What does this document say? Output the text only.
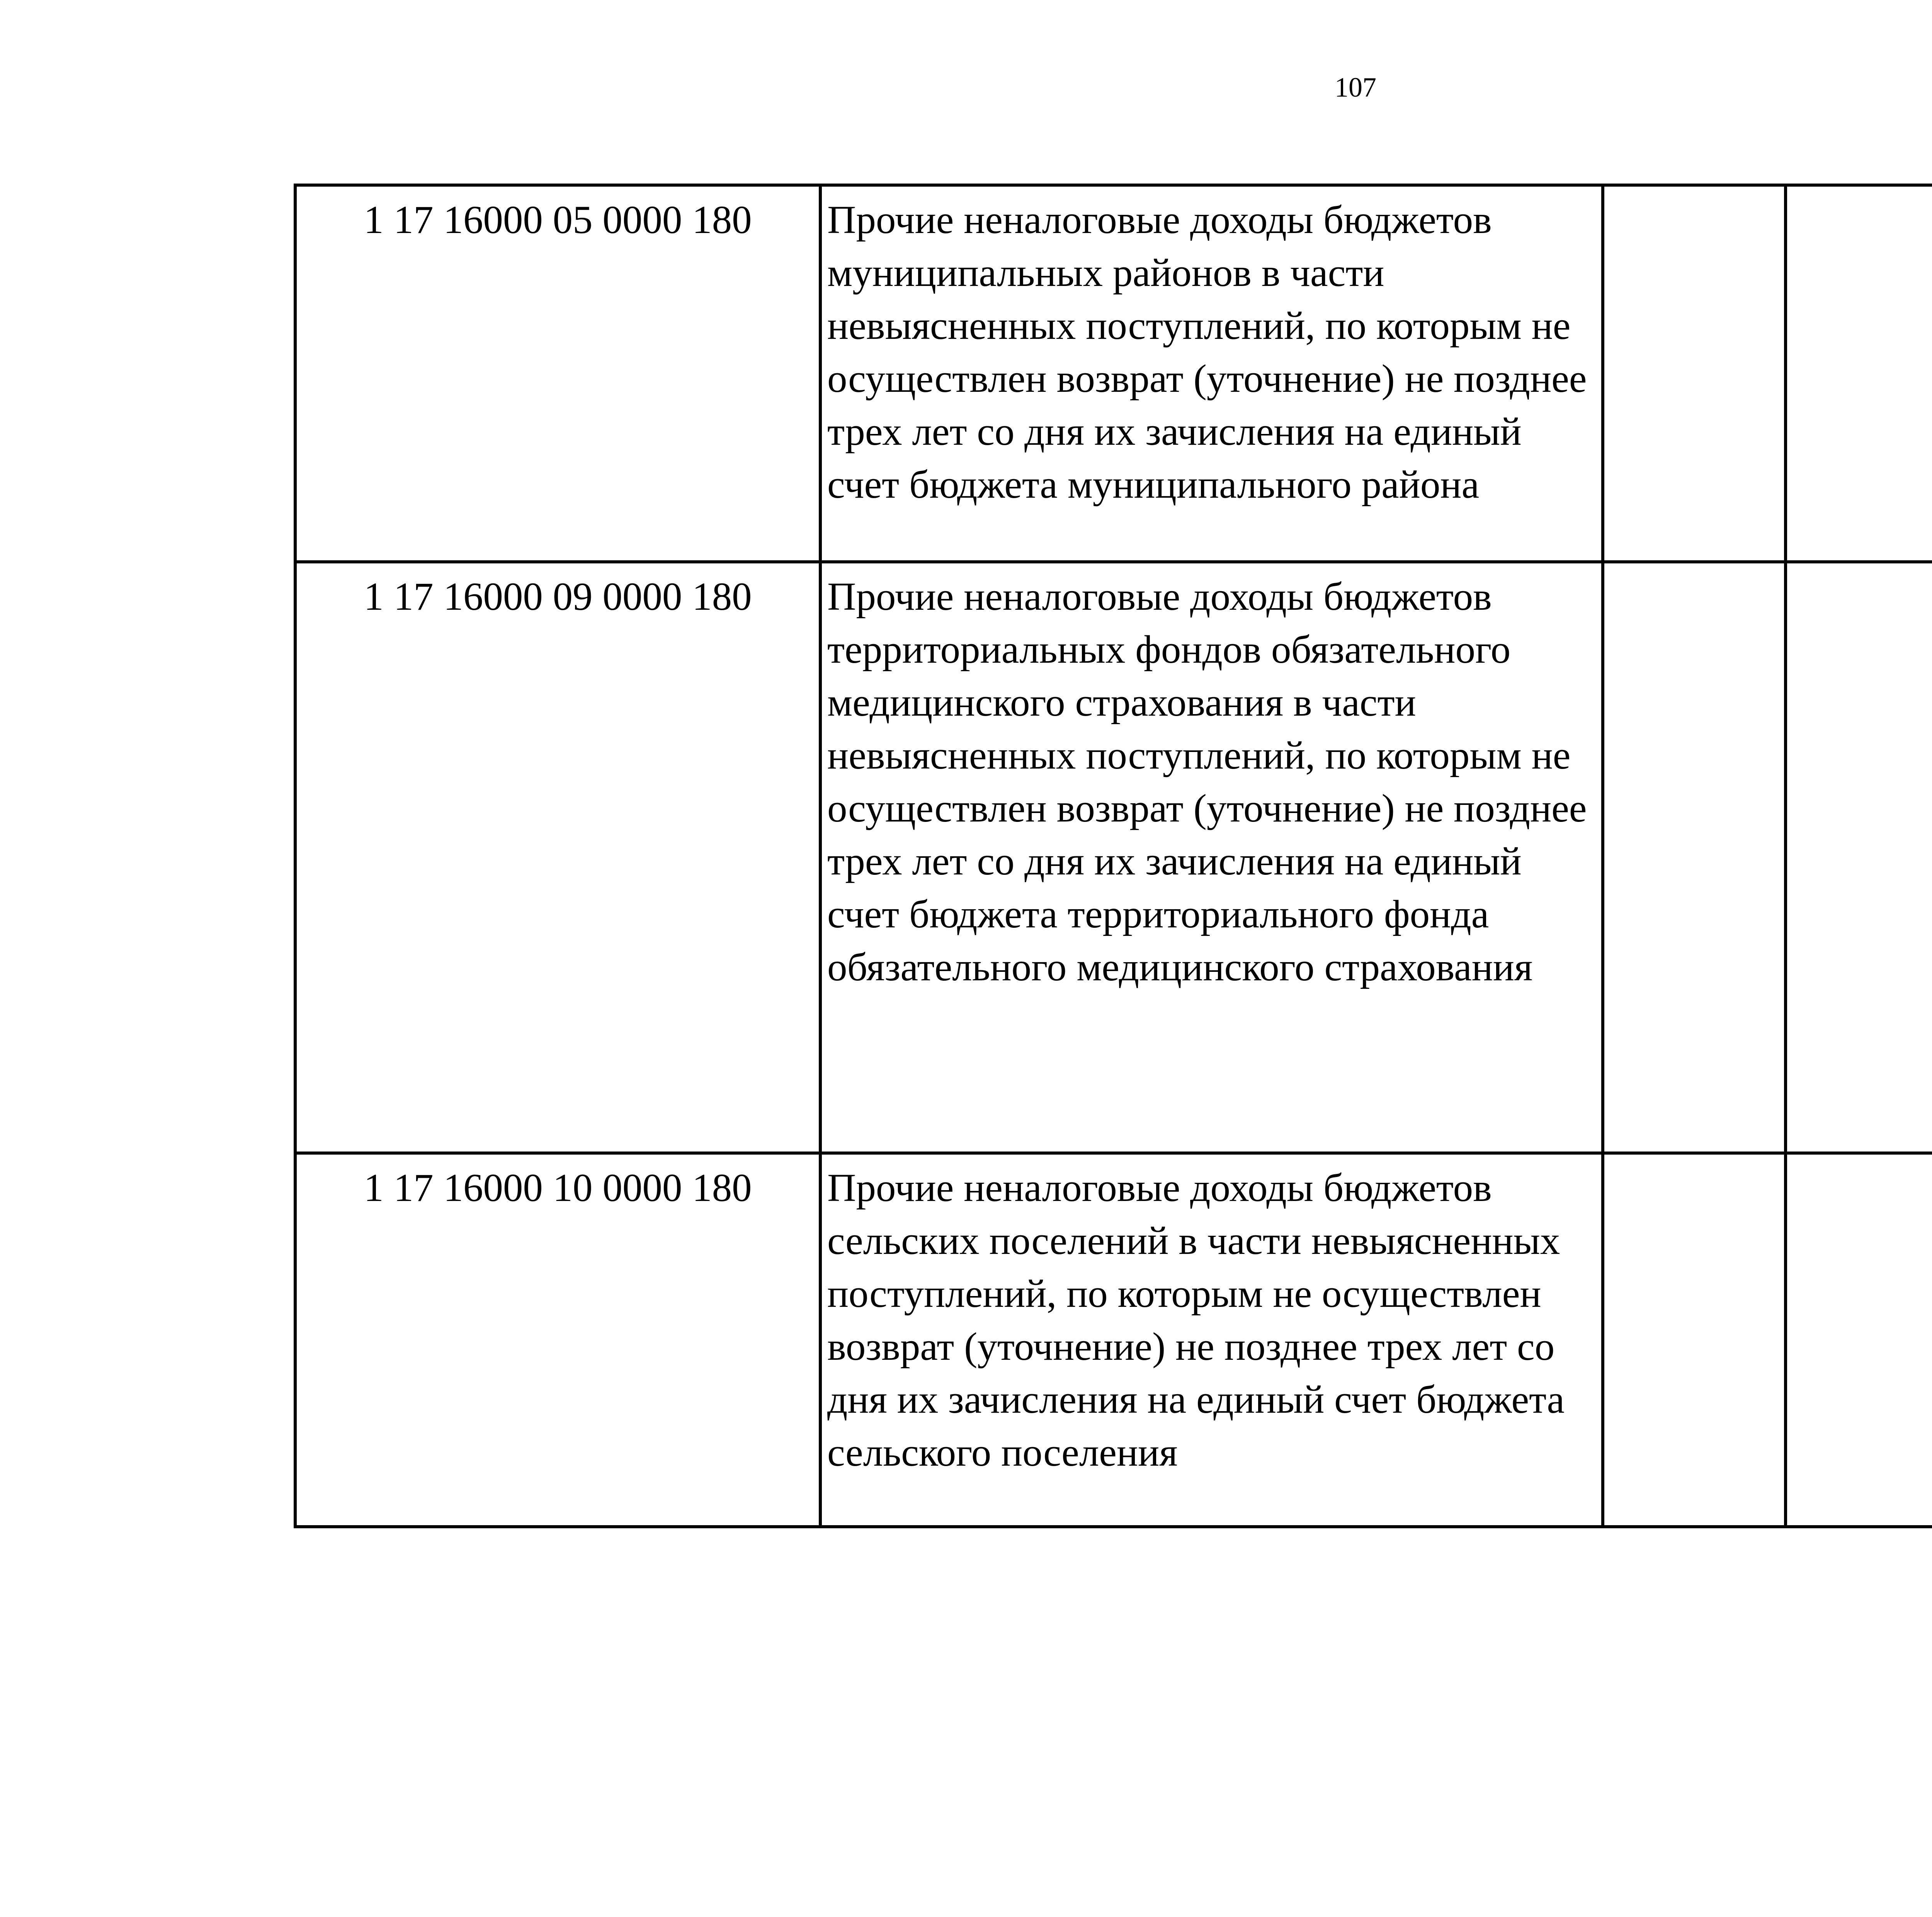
107
1 17 16000 05 0000 180	Прочие неналоговые доходы бюджетов муниципальных районов в части невыясненных поступлений, по которым не осуществлен возврат (уточнение) не позднее трех лет со дня их зачисления на единый счет бюджета муниципального района					
1 17 16000 09 0000 180	Прочие неналоговые доходы бюджетов территориальных фондов обязательного медицинского страхования в части невыясненных поступлений, по которым не осуществлен возврат (уточнение) не позднее трех лет со дня их зачисления на единый счет бюджета территориального фонда обязательного медицинского страхования					
1 17 16000 10 0000 180	Прочие неналоговые доходы бюджетов сельских поселений в части невыясненных поступлений, по которым не осуществлен возврат (уточнение) не позднее трех лет со дня их зачисления на единый счет бюджета сельского поселения					
